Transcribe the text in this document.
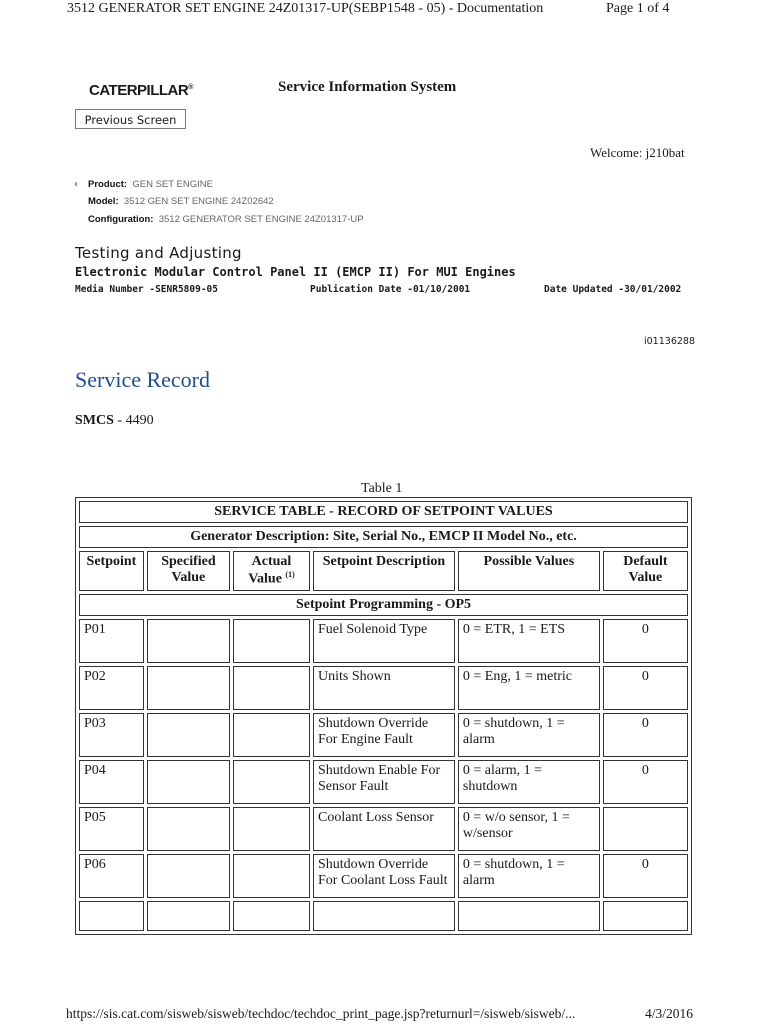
3512 GENERATOR SET ENGINE 24Z01317-UP(SEBP1548 - 05) - Documentation	Page 1 of 4
CATERPILLAR®	Service Information System
Previous Screen
Welcome: j210bat
‹ Product: GEN SET ENGINE
Model: 3512 GEN SET ENGINE 24Z02642
Configuration: 3512 GENERATOR SET ENGINE 24Z01317-UP
Testing and Adjusting
Electronic Modular Control Panel II (EMCP II) For MUI Engines
Media Number -SENR5809-05	Publication Date -01/10/2001	Date Updated -30/01/2002
i01136288
Service Record
SMCS - 4490
Table 1
SERVICE TABLE - RECORD OF SETPOINT VALUES					
Generator Description: Site, Serial No., EMCP II Model No., etc.					
Setpoint	Specified Value	Actual Value $^{(1)}$	Setpoint Description	Possible Values	Default Value
Setpoint Programming - OP5					
P01			Fuel Solenoid Type	0 = ETR, 1 = ETS	0
P02			Units Shown	0 = Eng, 1 = metric	0
P03			Shutdown Override For Engine Fault	0 = shutdown, 1 = alarm	0
P04			Shutdown Enable For Sensor Fault	0 = alarm, 1 = shutdown	0
P05			Coolant Loss Sensor	0 = w/o sensor, 1 = w/sensor	
P06			Shutdown Override For Coolant Loss Fault	0 = shutdown, 1 = alarm	0

https://sis.cat.com/sisweb/sisweb/techdoc/techdoc_print_page.jsp?returnurl=/sisweb/sisweb/...	4/3/2016
